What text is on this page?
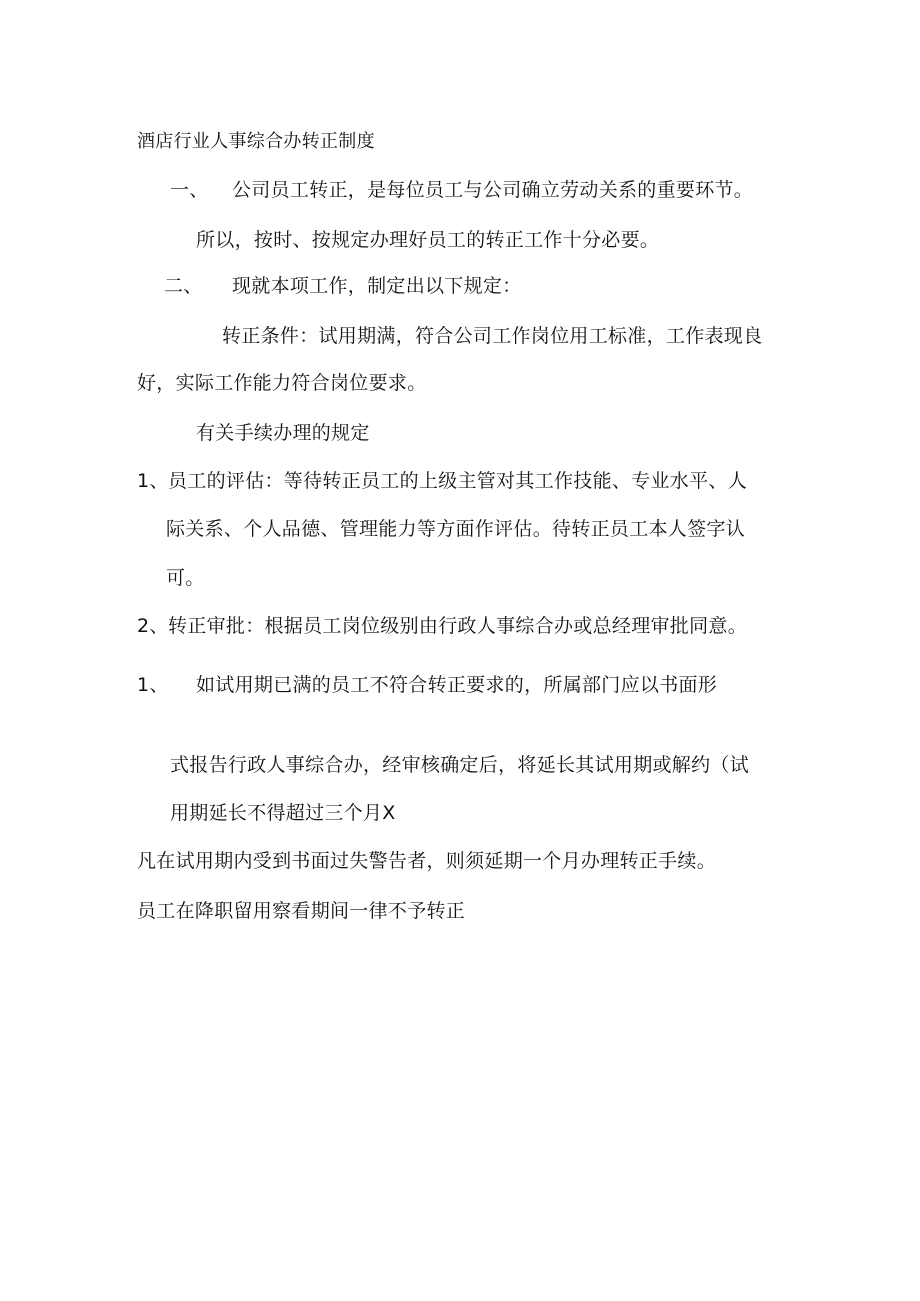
酒店行业人事综合办转正制度
一、 公司员工转正，是每位员工与公司确立劳动关系的重要环节。
所以，按时、按规定办理好员工的转正工作十分必要。
二、 现就本项工作，制定出以下规定：
转正条件：试用期满，符合公司工作岗位用工标准，工作表现良
好，实际工作能力符合岗位要求。
有关手续办理的规定
1、 员工的评估：等待转正员工的上级主管对其工作技能、专业水平、人
际关系、个人品德、管理能力等方面作评估。待转正员工本人签字认
可。
2、 转正审批：根据员工岗位级别由行政人事综合办或总经理审批同意。
1、 如试用期已满的员工不符合转正要求的，所属部门应以书面形
式报告行政人事综合办，经审核确定后，将延长其试用期或解约（试
用期延长不得超过三个月X
凡在试用期内受到书面过失警告者，则须延期一个月办理转正手续。
员工在降职留用察看期间一律不予转正
